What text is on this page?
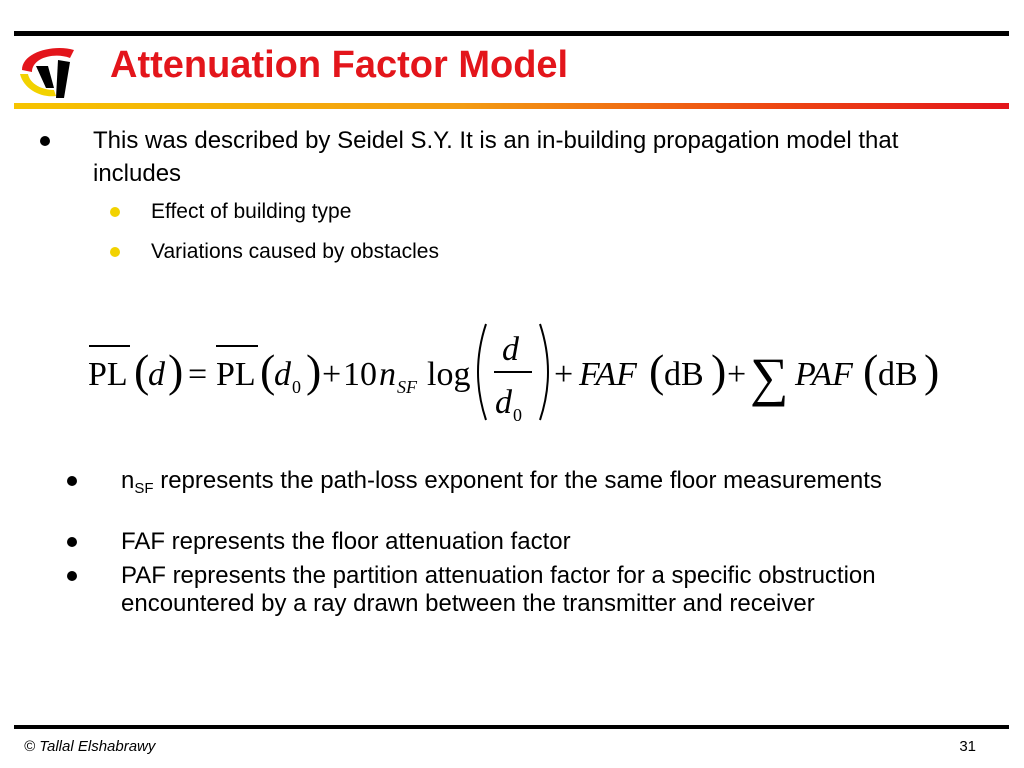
Attenuation Factor Model
This was described by Seidel S.Y. It is an in-building propagation model that includes
Effect of building type
Variations caused by obstacles
PL (
d ) = PL (
d 0 ) + 10 n SF log
d
d 0
+ FAF ( dB ) + ∑ PAF ( dB )
$n_{SF}$ represents the path-loss exponent for the same floor measurements
FAF represents the floor attenuation factor
PAF represents the partition attenuation factor for a specific obstruction encountered by a ray drawn between the transmitter and receiver
© Tallal Elshabrawy	31
